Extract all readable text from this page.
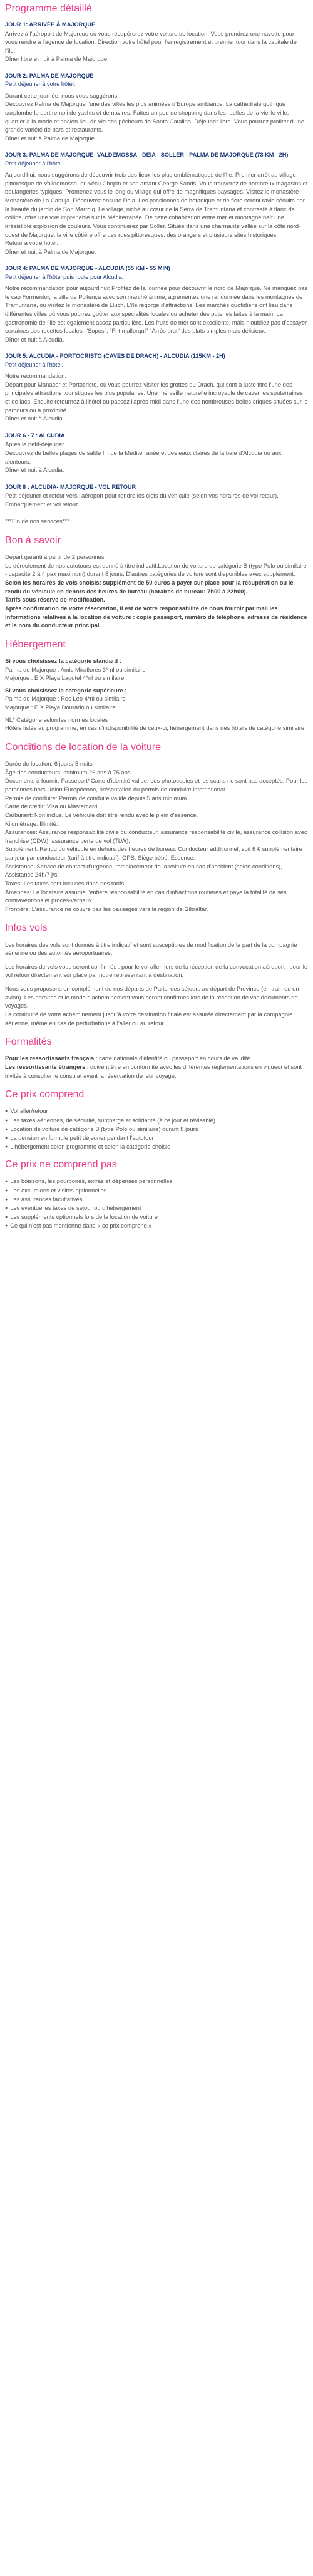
Programme détaillé
JOUR 1: ARRIVÉE À MAJORQUE
Arrivez à l'aéroport de Majorque où vous récupérerez votre voiture de location. Vous prendrez une navette pour vous rendre à l'agence de location. Direction votre hôtel pour l'enregistrement et premier tour dans la capitale de l'île.
Dîner libre et nuit à Palma de Majorque.
JOUR 2: PALMA DE MAJORQUE
Petit déjeuner à votre hôtel.
Durant cette journée, nous vous suggérons :
Découvrez Palma de Majorque l'une des villes les plus animées d'Europe ambiance. La cathédrale gothique surplombe le port rempli de yachts et de navires. Faites un peu de shopping dans les ruelles de la vieille ville, quartier à la mode et ancien lieu de vie des pêcheurs de Santa Catalina. Déjeuner libre. Vous pourrez profiter d'une grande variété de bars et restaurants.
Dîner et nuit à Palma de Majorque.
JOUR 3: PALMA DE MAJORQUE- VALDEMOSSA - DEIA - SOLLER - PALMA DE MAJORQUE (73 KM - 2H)
Petit déjeuner à l'hôtel.
Aujourd'hui, nous suggérons de découvrir trois des lieux les plus emblématiques de l'île. Premier arrêt au village pittoresque de Valldemossa, où vécu Chopin et son amant George Sands. Vous trouverez de nombreux magasins et boulangeries typiques. Promenez-vous le long du village qui offre de magnifiques paysages. Visitez le monastère Monastère de La Cartuja. Découvrez ensuite Deia. Les passionnés de botanique et de flore seront ravis séduits par la beauté du jardin de Son Marroig. Le village, niché au cœur de la Serra de Tramuntana et contrasté à flanc de colline, offre une vue imprenable sur la Méditerranée. De cette cohabitation entre mer et montagne naît une irrésistible explosion de couleurs. Vous continuerez par Soller. Située dans une charmante vallée sur la côte nord-ouest de Majorque, la ville côtière offre des rues pittoresques, des orangers et plusieurs sites historiques.
Retour à votre hôtel.
Dîner et nuit à Palma de Majorque.
JOUR 4: PALMA DE MAJORQUE - ALCUDIA (55 KM - 55 MIN)
Petit déjeuner à l'hôtel puis route pour Alcudia.
Notre recommandation pour aujourd'hui: Profitez de la journée pour découvrir le nord de Majorque. Ne manquez pas le cap Formentor, la ville de Pollença avec son marché animé, agrémentez une randonnée dans les montagnes de Tramuntana, ou visitez le monastère de Lluch. L'île regorge d'attractions. Les marchés quotidiens ont lieu dans différentes villes où vous pourrez goûter aux spécialités locales ou acheter des poteries faites à la main. La gastronomie de l'île est également assez particulière. Les fruits de mer sont excellents, mais n'oubliez pas d'essayer certaines des recettes locales: "Sopes", "Frit mallorquí" "Arròs brut" des plats simples mais délicieux.
Dîner et nuit à Alcudia.
JOUR 5: ALCUDIA - PORTOCRISTO (CAVES DE DRACH) - ALCUDIA (115KM - 2H)
Petit déjeuner à l'hôtel.
Notre recommandation:
Départ pour Manacor et Portocristo, où vous pourrez visiter les grottes du Drach, qui sont à juste titre l'une des principales attractions touristiques les plus populaires. Une merveille naturelle incroyable de cavernes souterraines et de lacs. Ensuite retournez à l'hôtel ou passez l'après-midi dans l'une des nombreuses belles criques situées sur le parcours ou à proximité.
Dîner et nuit à Alcudia.
JOUR 6 - 7 : ALCUDIA
Après le petit-déjeuner.
Découvrez de belles plages de sable fin de la Méditerranée et des eaux claires de la baie d'Alcudia ou aux alentours.
Dîner et nuit à Alcudia.
JOUR 8 : ALCUDIA- MAJORQUE - VOL RETOUR
Petit déjeuner et retour vers l'aéroport pour rendre les clefs du véhicule (selon vos horaires de vol retour). Embarquement et vol retour.

***Fin de nos services***

Bon à savoir
Départ garanti à partir de 2 personnes.
Le déroulement de nos autotours est donné à titre indicatif.Location de voiture de catégorie B (type Polo ou similaire - capacité 2 à 4 pax maximum) durant 8 jours. D'autres catégories de voiture sont disponibles avec supplément.
Selon les horaires de vols choisis: supplément de 50 euros à payer sur place pour la récupération ou le rendu du véhicule en dehors des heures de bureau (horaires de bureau: 7h00 à 22h00).
Tarifs sous réserve de modification.
Après confirmation de votre réservation, il est de votre responsabilité de nous fournir par mail les informations relatives à la location de voiture : copie passeport, numéro de téléphone, adresse de résidence et le nom du conducteur principal.
Hébergement
Si vous choisissez la catégorie standard :
Palma de Majorque : Amic Miraflores 3* nl ou similaire
Majorque : EIX Playa Lagotel 4*nl ou similaire
Si vous choisissez la catégorie supérieure :
Palma de Majorque : Roc Leo 4*nl ou similaire
Majorque : EIX Playa Dourado ou similaire
NL* Catégorie selon les normes locales
Hôtels listés au programme, en cas d'indisponibilité de ceux-ci, hébergement dans des hôtels de catégorie similaire.
Conditions de location de la voiture
Durée de location: 6 jours/ 5 nuits
Âge des conducteurs: minimum 26 ans à 75 ans
Documents à fournir: Passeport/ Carte d'identité valide. Les photocopies et les scans ne sont pas acceptés. Pour les personnes hors Union Européenne, présentation du permis de conduire international.
Permis de conduire: Permis de conduire valide depuis 5 ans minimum.
Carte de crédit: Visa ou Mastercard.
Carburant: Non inclus. Le véhicule doit être rendu avec le plein d'essence.
Kilométrage: Illimité.
Assurances: Assurance responsabilité civile du conducteur, assurance responsabilité civile, assurance collision avec franchise (CDW), assurance perte de vol (TLW).
Supplément: Rendu du véhicule en dehors des heures de bureau. Conducteur additionnel, soit 6 € supplémentaire par jour par conducteur (tarif à titre indicatif). GPS. Siège bébé. Essence.
Assistance: Service de contact d'urgence, remplacement de la voiture en cas d'accident (selon conditions), Assistance 24h/7 j/s.
Taxes: Les taxes sont incluses dans nos tarifs.
Amendes: Le locataire assume l'entière responsabilité en cas d'infractions routières et paye la totalité de ses contraventions et procès-verbaux.
Frontière: L'assurance ne couvre pas les passages vers la région de Gibraltar.
Infos vols

Les horaires des vols sont donnés à titre indicatif et sont susceptibles de modification de la part de la compagnie aérienne ou des autorités aéroportuaires.

Les horaires de vols vous seront confirmés : pour le vol aller, lors de la réception de la convocation aéroport ; pour le vol retour directement sur place par notre représentant à destination.

Nous vous proposons en complément de nos départs de Paris, des séjours au départ de Province (en train ou en avion). Les horaires et le mode d'acheminement vous seront confirmés lors de la réception de vos documents de voyages.
La continuité de votre acheminement jusqu'à votre destination finale est assurée directement par la compagnie aérienne, même en cas de perturbations à l'aller ou au retour.

Formalités
Pour les ressortissants français : carte nationale d'identité ou passeport en cours de validité.
Les ressortissants étrangers : doivent être en conformité avec les différentes réglementations en vigueur et sont invités à consulter le consulat avant la réservation de leur voyage.
Ce prix comprend
● Vol aller/retour
● Les taxes aériennes, de sécurité, surcharge et solidarité (à ce jour et révisable).
● Location de voiture de catégorie B (type Polo ou similaire) durant 8 jours
● La pension en formule petit déjeuner pendant l'autotour
● L'hébergement selon programme et selon la catégorie choisie
Ce prix ne comprend pas
● Les boissons, les pourboires, extras et dépenses personnelles
● Les excursions et visites optionnelles
● Les assurances facultatives
● Les éventuelles taxes de séjour ou d'hébergement
● Les suppléments optionnels lors de la location de voiture
● Ce qui n'est pas mentionné dans « ce prix comprend »
